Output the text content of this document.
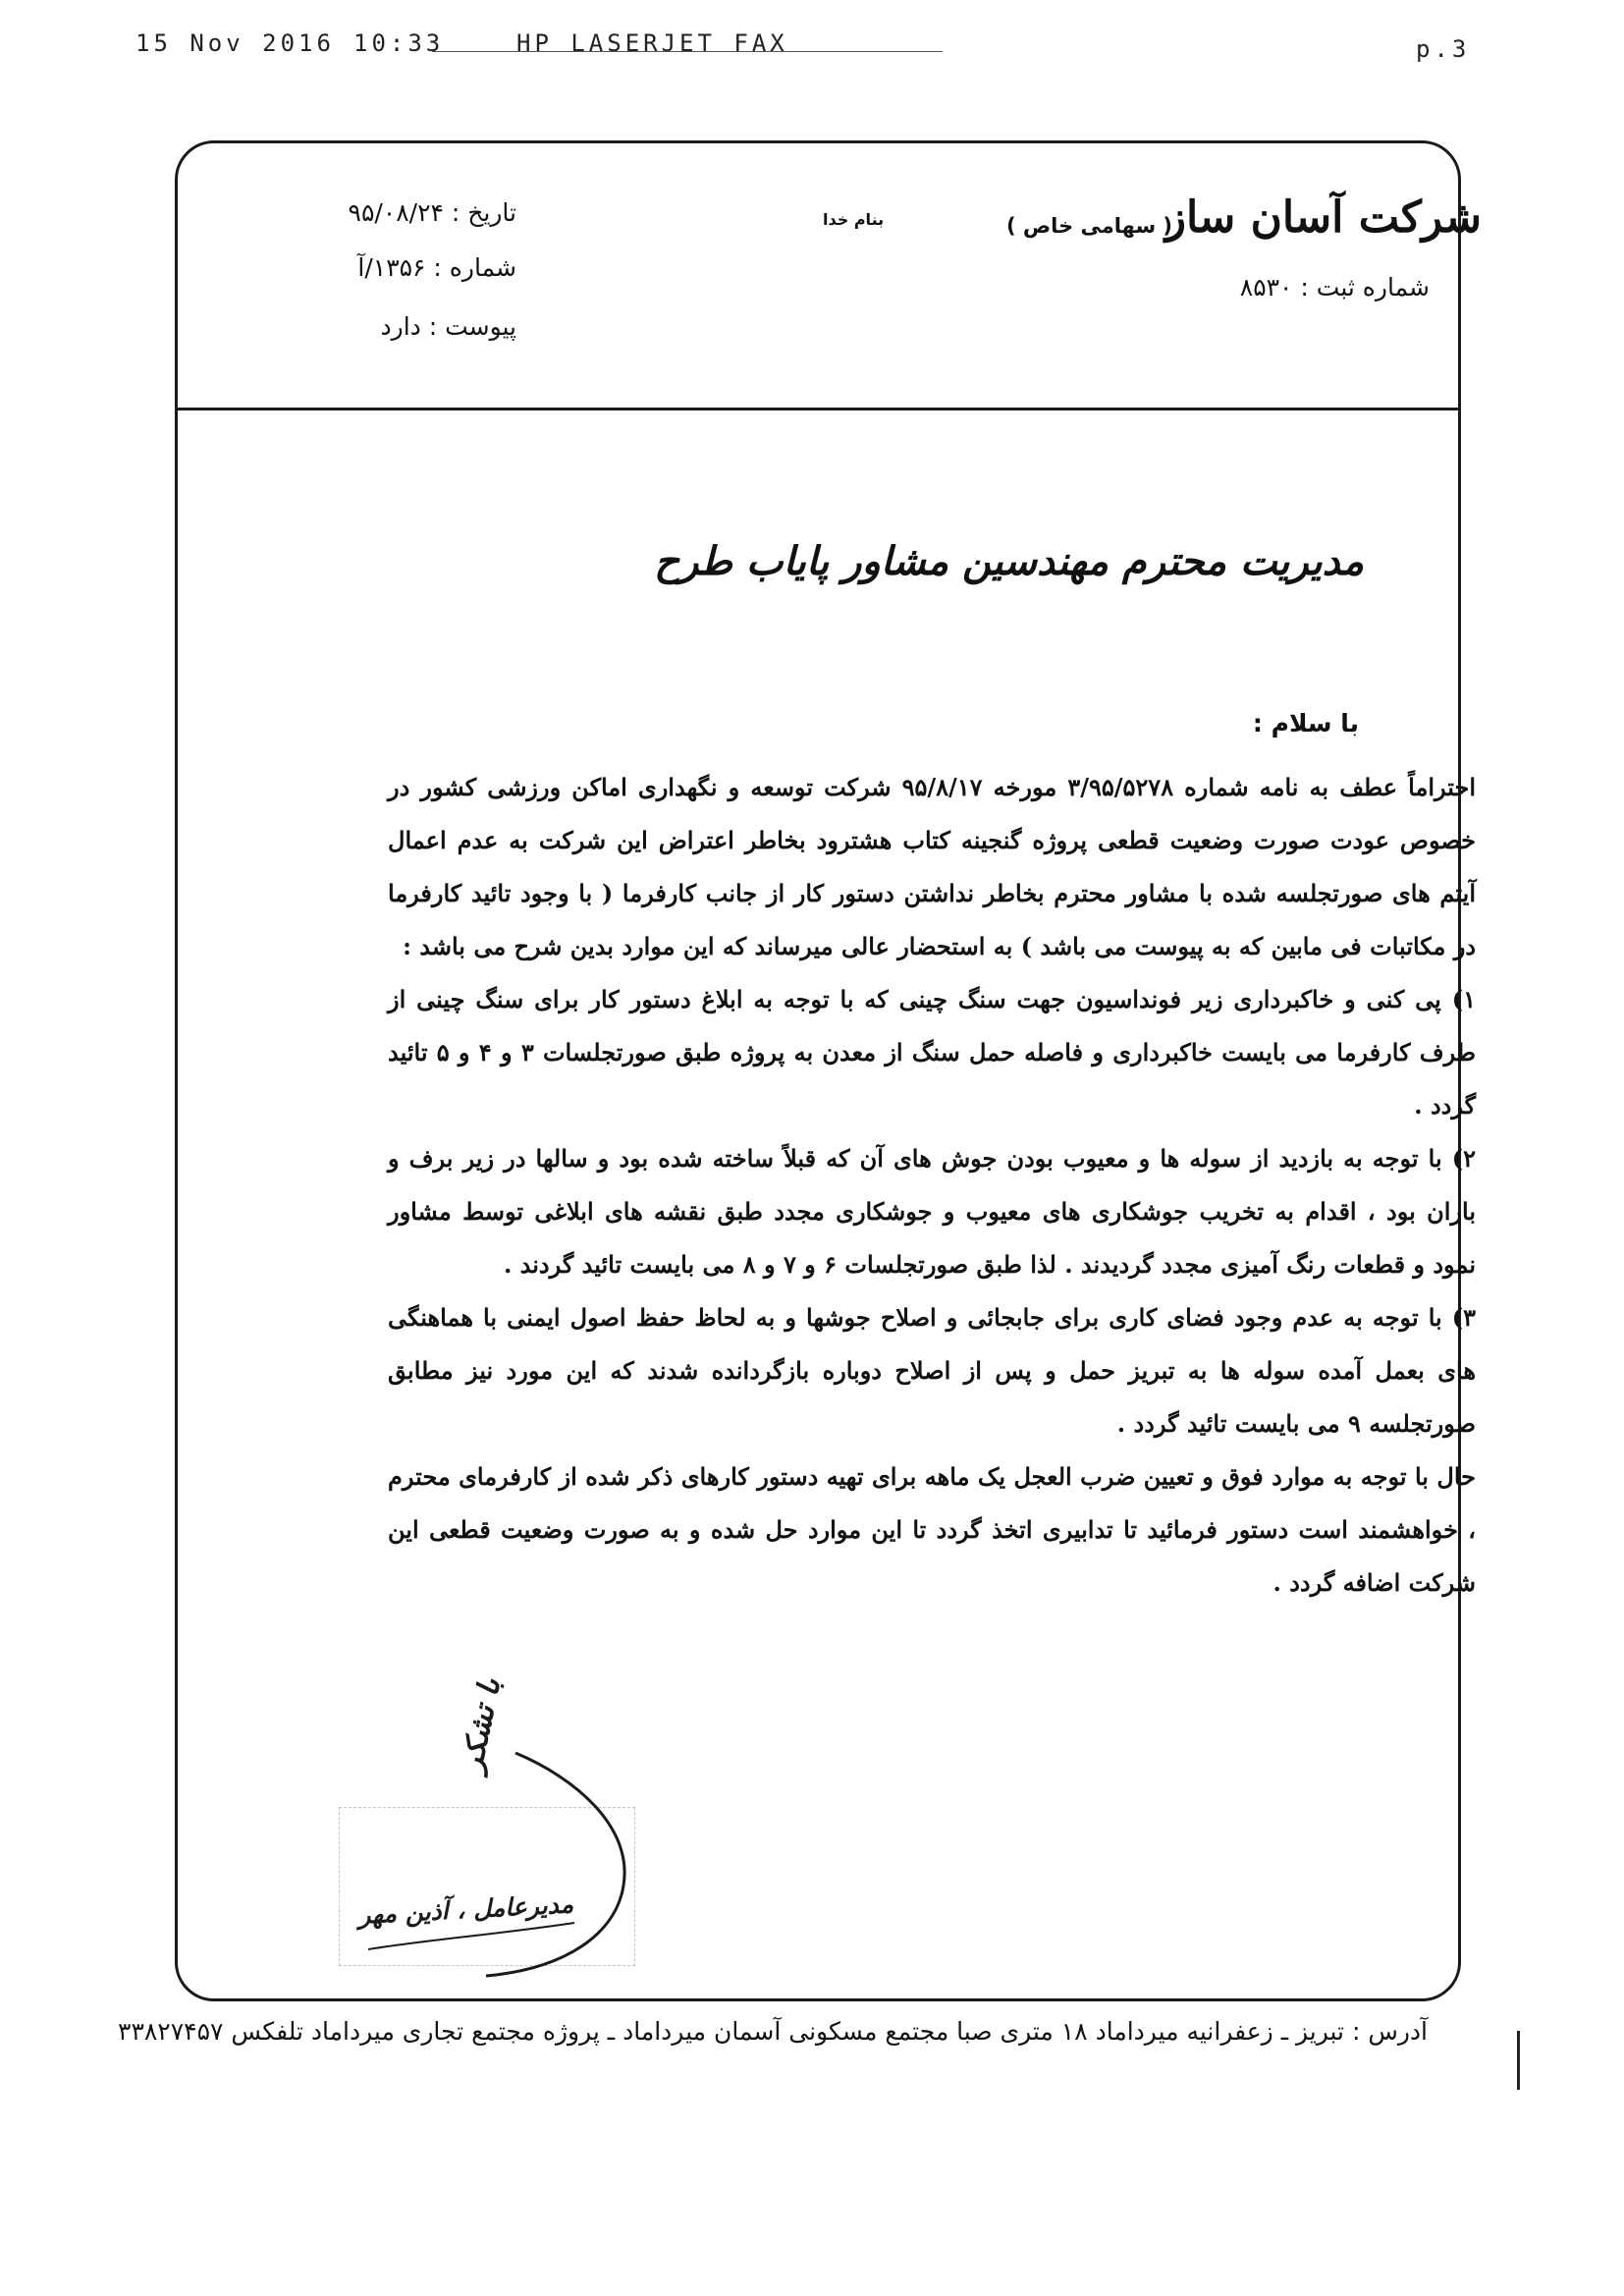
15 Nov 2016 10:33	HP LASERJET FAX	p.3
شرکت آسان ساز
( سهامی خاص )
بنام خدا
شماره ثبت : ۸۵۳۰
تاریخ : ۹۵/۰۸/۲۴
شماره : ۱۳۵۶/آ
پیوست : دارد
مدیریت محترم مهندسین مشاور پایاب طرح
با سلام :

احتراماً عطف به نامه شماره ۳/۹۵/۵۲۷۸ مورخه ۹۵/۸/۱۷ شرکت توسعه و نگهداری اماکن ورزشی کشور در خصوص عودت صورت وضعیت قطعی پروژه گنجینه کتاب هشترود بخاطر اعتراض این شرکت به عدم اعمال آیتم های صورتجلسه شده با مشاور محترم بخاطر نداشتن دستور کار از جانب کارفرما ( با وجود تائید کارفرما در مکاتبات فی مابین که به پیوست می باشد ) به استحضار عالی میرساند که این موارد بدین شرح می باشد :

۱) پی کنی و خاکبرداری زیر فونداسیون جهت سنگ چینی که با توجه به ابلاغ دستور کار برای سنگ چینی از طرف کارفرما می بایست خاکبرداری و فاصله حمل سنگ از معدن به پروژه طبق صورتجلسات ۳ و ۴ و ۵ تائید گردد .

۲) با توجه به بازدید از سوله ها و معیوب بودن جوش های آن که قبلاً ساخته شده بود و سالها در زیر برف و باران بود ، اقدام به تخریب جوشکاری های معیوب و جوشکاری مجدد طبق نقشه های ابلاغی توسط مشاور نمود و قطعات رنگ آمیزی مجدد گردیدند . لذا طبق صورتجلسات ۶ و ۷ و ۸ می بایست تائید گردند .

۳) با توجه به عدم وجود فضای کاری برای جابجائی و اصلاح جوشها و به لحاظ حفظ اصول ایمنی با هماهنگی های بعمل آمده سوله ها به تبریز حمل و پس از اصلاح دوباره بازگردانده شدند که این مورد نیز مطابق صورتجلسه ۹ می بایست تائید گردد .

حال با توجه به موارد فوق و تعیین ضرب العجل یک ماهه برای تهیه دستور کارهای ذکر شده از کارفرمای محترم ، خواهشمند است دستور فرمائید تا تدابیری اتخذ گردد تا این موارد حل شده و به صورت وضعیت قطعی این شرکت اضافه گردد .

با تشکر
مدیرعامل ، آذین مهر
آدرس : تبریز ـ زعفرانیه میرداماد ۱۸ متری صبا مجتمع مسکونی آسمان میرداماد ـ پروژه مجتمع تجاری میرداماد تلفکس ۳۳۸۲۷۴۵۷
